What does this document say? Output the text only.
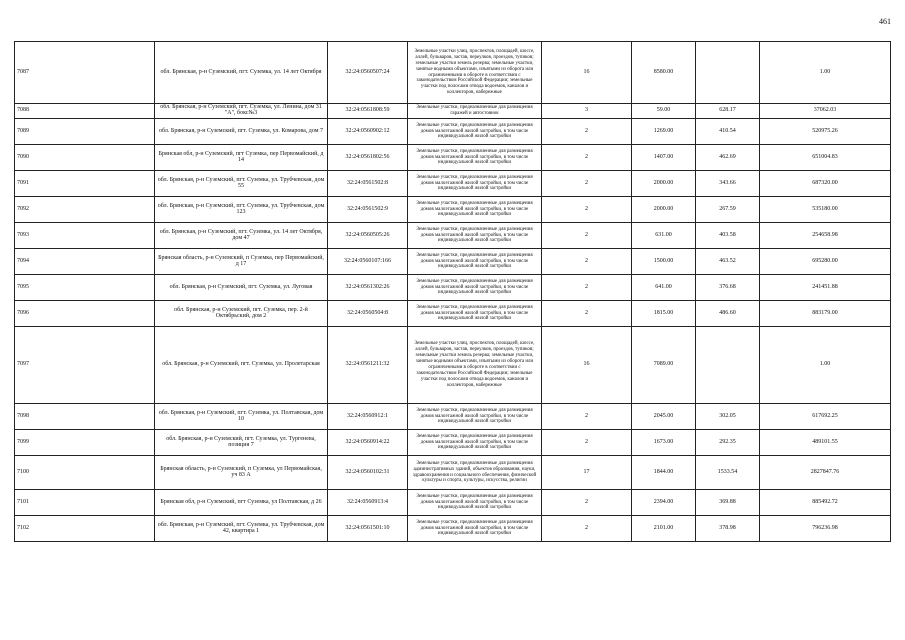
461
7087	обл. Брянская, р-н Суземский, пгт. Суземка, ул. 14 лет Октября	32:24:0560507:24	Земельные участки улиц, проспектов, площадей, шоссе, аллей, бульваров, застав, переулков, проездов, тупиков; земельные участки земель резерва; земельные участки, занятые водными объектами, изъятыми из оборота или ограниченными в обороте в соответствии с законодательством Российской Федерации; земельные участки под полосами отвода водоемов, каналов и коллекторов, набережные	16	8580.00		1.00
7088	обл. Брянская, р-н Суземский, пгт. Суземка, ул. Ленина, дом 31 "А", бокс№3	32:24:0561808:59	Земельные участки, предназначенные для размещения гаражей и автостоянок	3	59.00	628.17	37062.03
7089	обл. Брянская, р-н Суземский, пгт. Суземка, ул. Комарова, дом 7	32:24:0560902:12	Земельные участки, предназначенные для размещения домов малоэтажной жилой застройки, в том числе индивидуальной жилой застройки	2	1269.00	410.54	520975.26
7090	Брянская обл, р-н Суземский, пгт Суземка, пер Первомайский, д 14	32:24:0561802:56	Земельные участки, предназначенные для размещения домов малоэтажной жилой застройки, в том числе индивидуальной жилой застройки	2	1407.00	462.69	651004.83
7091	обл. Брянская, р-н Суземский, пгт. Суземка, ул. Трубчевская, дом 55	32:24:0561502:8	Земельные участки, предназначенные для размещения домов малоэтажной жилой застройки, в том числе индивидуальной жилой застройки	2	2000.00	343.66	687320.00
7092	обл. Брянская, р-н Суземский, пгт. Суземка, ул. Трубчевская, дом 123	32:24:0561502:9	Земельные участки, предназначенные для размещения домов малоэтажной жилой застройки, в том числе индивидуальной жилой застройки	2	2000.00	267.59	535180.00
7093	обл. Брянская, р-н Суземский, пгт. Суземка, ул. 14 лет Октября, дом 47	32:24:0560505:26	Земельные участки, предназначенные для размещения домов малоэтажной жилой застройки, в том числе индивидуальной жилой застройки	2	631.00	403.58	254658.98
7094	Брянская область, р-н Суземский, п Суземка, пер Первомайский, д 17	32:24:0560107:166	Земельные участки, предназначенные для размещения домов малоэтажной жилой застройки, в том числе индивидуальной жилой застройки	2	1500.00	463.52	695280.00
7095	обл. Брянская, р-н Суземский, пгт. Суземка, ул. Луговая	32:24:0561302:26	Земельные участки, предназначенные для размещения домов малоэтажной жилой застройки, в том числе индивидуальной жилой застройки	2	641.00	376.68	241451.88
7096	обл. Брянская, р-н Суземский, пгт. Суземка, пер. 2-й Октябрьский, дом 2	32:24:0560504:8	Земельные участки, предназначенные для размещения домов малоэтажной жилой застройки, в том числе индивидуальной жилой застройки	2	1815.00	486.60	883179.00
7097	обл. Брянская, р-н Суземский, пгт. Суземка, ул. Пролетарская	32:24:0561211:32	Земельные участки улиц, проспектов, площадей, шоссе, аллей, бульваров, застав, переулков, проездов, тупиков; земельные участки земель резерва; земельные участки, занятые водными объектами, изъятыми из оборота или ограниченными в обороте в соответствии с законодательством Российской Федерации; земельные участки под полосами отвода водоемов, каналов и коллекторов, набережные	16	7089.00		1.00
7098	обл. Брянская, р-н Суземский, пгт. Суземка, ул. Полтавская, дом 10	32:24:0560912:1	Земельные участки, предназначенные для размещения домов малоэтажной жилой застройки, в том числе индивидуальной жилой застройки	2	2045.00	302.05	617692.25
7099	обл. Брянская, р-н Суземский, пгт. Суземка, ул. Тургенева, позиция 7	32:24:0560914:22	Земельные участки, предназначенные для размещения домов малоэтажной жилой застройки, в том числе индивидуальной жилой застройки	2	1673.00	292.35	489101.55
7100	Брянская область, р-н Суземский, п Суземка, ул Первомайская, уч 83 А	32:24:0560102:31	Земельные участки, предназначенные для размещения административных зданий, объектов образования, науки, здравоохранения и социального обеспечения, физической культуры и спорта, культуры, искусства, религии	17	1844.00	1533.54	2827847.76
7101	Брянская обл, р-н Суземский, пгт Суземка, ул Полтавская, д 26	32:24:0560913:4	Земельные участки, предназначенные для размещения домов малоэтажной жилой застройки, в том числе индивидуальной жилой застройки	2	2394.00	369.88	885492.72
7102	обл. Брянская, р-н Суземский, пгт. Суземка, ул. Трубчевская, дом 42, квартира 1	32:24:0561501:10	Земельные участки, предназначенные для размещения домов малоэтажной жилой застройки, в том числе индивидуальной жилой застройки	2	2101.00	378.98	796236.98
